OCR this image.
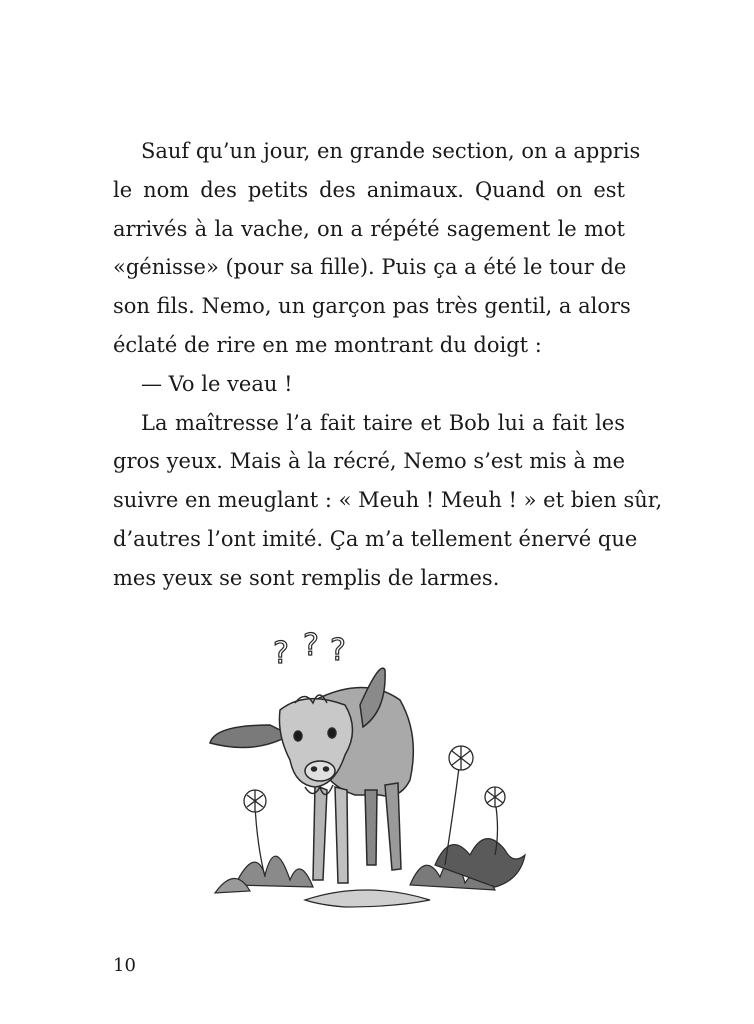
Sauf qu’un jour, en grande section, on a appris
le nom des petits des animaux. Quand on est
arrivés à la vache, on a répété sagement le mot
«génisse» (pour sa fille). Puis ça a été le tour de
son fils. Nemo, un garçon pas très gentil, a alors
éclaté de rire en me montrant du doigt :
— Vo le veau !
La maîtresse l’a fait taire et Bob lui a fait les
gros yeux. Mais à la récré, Nemo s’est mis à me
suivre en meuglant : « Meuh ! Meuh ! » et bien sûr,
d’autres l’ont imité. Ça m’a tellement énervé que
mes yeux se sont remplis de larmes.
? ? ?
10
